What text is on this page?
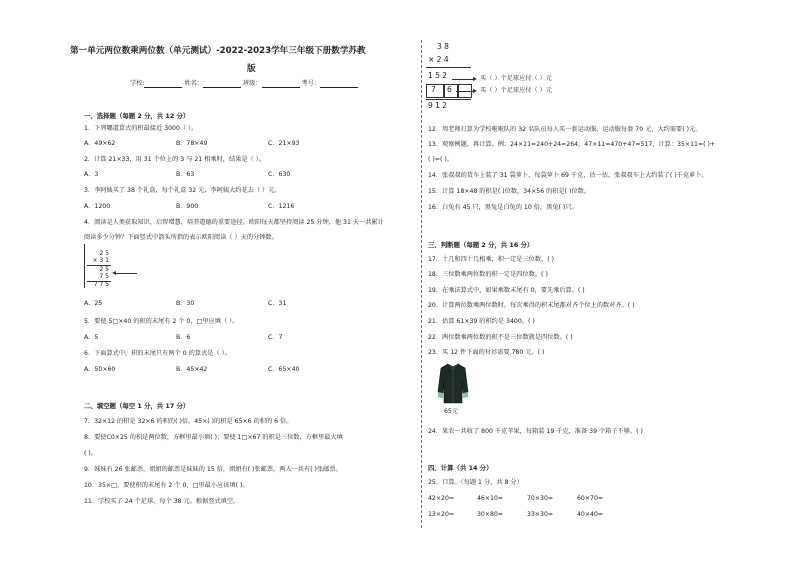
第一单元两位数乘两位数（单元测试）-2022-2023学年三年级下册数学苏教
版
学校:	姓名：	班级：	考号：
一、选择题（每题 2 分，共 12 分）
1．下列哪道算式的积最接近 3000（ ）。
A．49×62	B．78×49	C．21×93
2．计算 21×33，用 31 个位上的 3 与 21 相乘时，结果是（ ）。
A．3	B．63	C．630
3．李阿姨买了 38 个礼盒，每个礼盒 32 元，李阿姨大约花去（ ）元。
A．1200	B．900	C．1216
4．阅读是人类获取知识、启智增慧、培养道德的重要途径。欧阳每天都坚持阅读 25 分钟，他 31 天一共累计
阅读多少分钟？下面竖式中箭头所指的表示欧阳阅读（ ）天的分钟数。
2 5
× 3 1
2 5
7 5
7 7 5
A．25	B．30	C．31
5．要使 5□×40 的积的末尾有 2 个 0，□里应填（ ）。
A．5	B．6	C．7
6．下面算式中，积的末尾只有两个 0 的算式是（ ）。
A．50×60	B．45×42	C．65×40
二、填空题（每空 1 分，共 17 分）
7．32×12 的积是 32×6 的积的( )倍，45×( )的积是 65×6 的积的 6 倍。
8．要使C0×25 的积是两位数，方框里最小填( )；要使 1□×67 的积是三位数，方框里最大填
( )。
9．妹妹有 26 张邮票，姐姐的邮票是妹妹的 15 倍，姐姐有( )张邮票，两人一共有( )张邮票。
10．35×□，要使积的末尾有 2 个 0，□里最小应该填( )。
11．学校买了 24 个足球，每个 38 元。根据竖式填空。
3 8
× 2 4
1 5 2
7 6
买（ ）个足球应付（ ）元
买（ ）个足球应付（ ）元
9 1 2
12．周老师打算为学校啦啦队的 32 名队员每人买一套运动服，运动服每套 70 元，大约需要( )元。
13．观察例题，再计算。例：24×11=240+24=264，47×11=470+47=517，计算：35×11=( )+
( )=( )。
14．张叔叔的货车上装了 31 袋萝卜，每袋萝卜 69 千克，估一估，张叔叔车上大约装了( )千克萝卜。
15．计算 18×48 的积是( )位数，34×56 的积是( )位数。
16．白兔有 45 只，黑兔是白兔的 10 倍，黑兔( )只。
三、判断题（每题 2 分，共 16 分）
17．十几和四十几相乘，积一定是三位数。( )
18．三位数乘两位数的积一定是四位数。( )
19．在乘法算式中，如果乘数末尾有 0，要先乘后算。( )
20．计算两位数乘两位数时，每次乘得的积末尾都对齐个位上的数对齐。( )
21．估算 61×39 的积约是 3400。( )
22．两位数乘两位数的积不是三位数就是四位数。( )
23．买 12 件下面的衬衫需要 780 元。( )
65元
24．果农一共收了 800 千克苹果，每箱装 19 千克，准备 39 个箱子不够。( )
四、计算（共 14 分）
25．口算。（每题 1 分，共 8 分）
42×20=	46×10=	70×30=	60×70=
13×20=	30×80=	33×30=	40×40=
